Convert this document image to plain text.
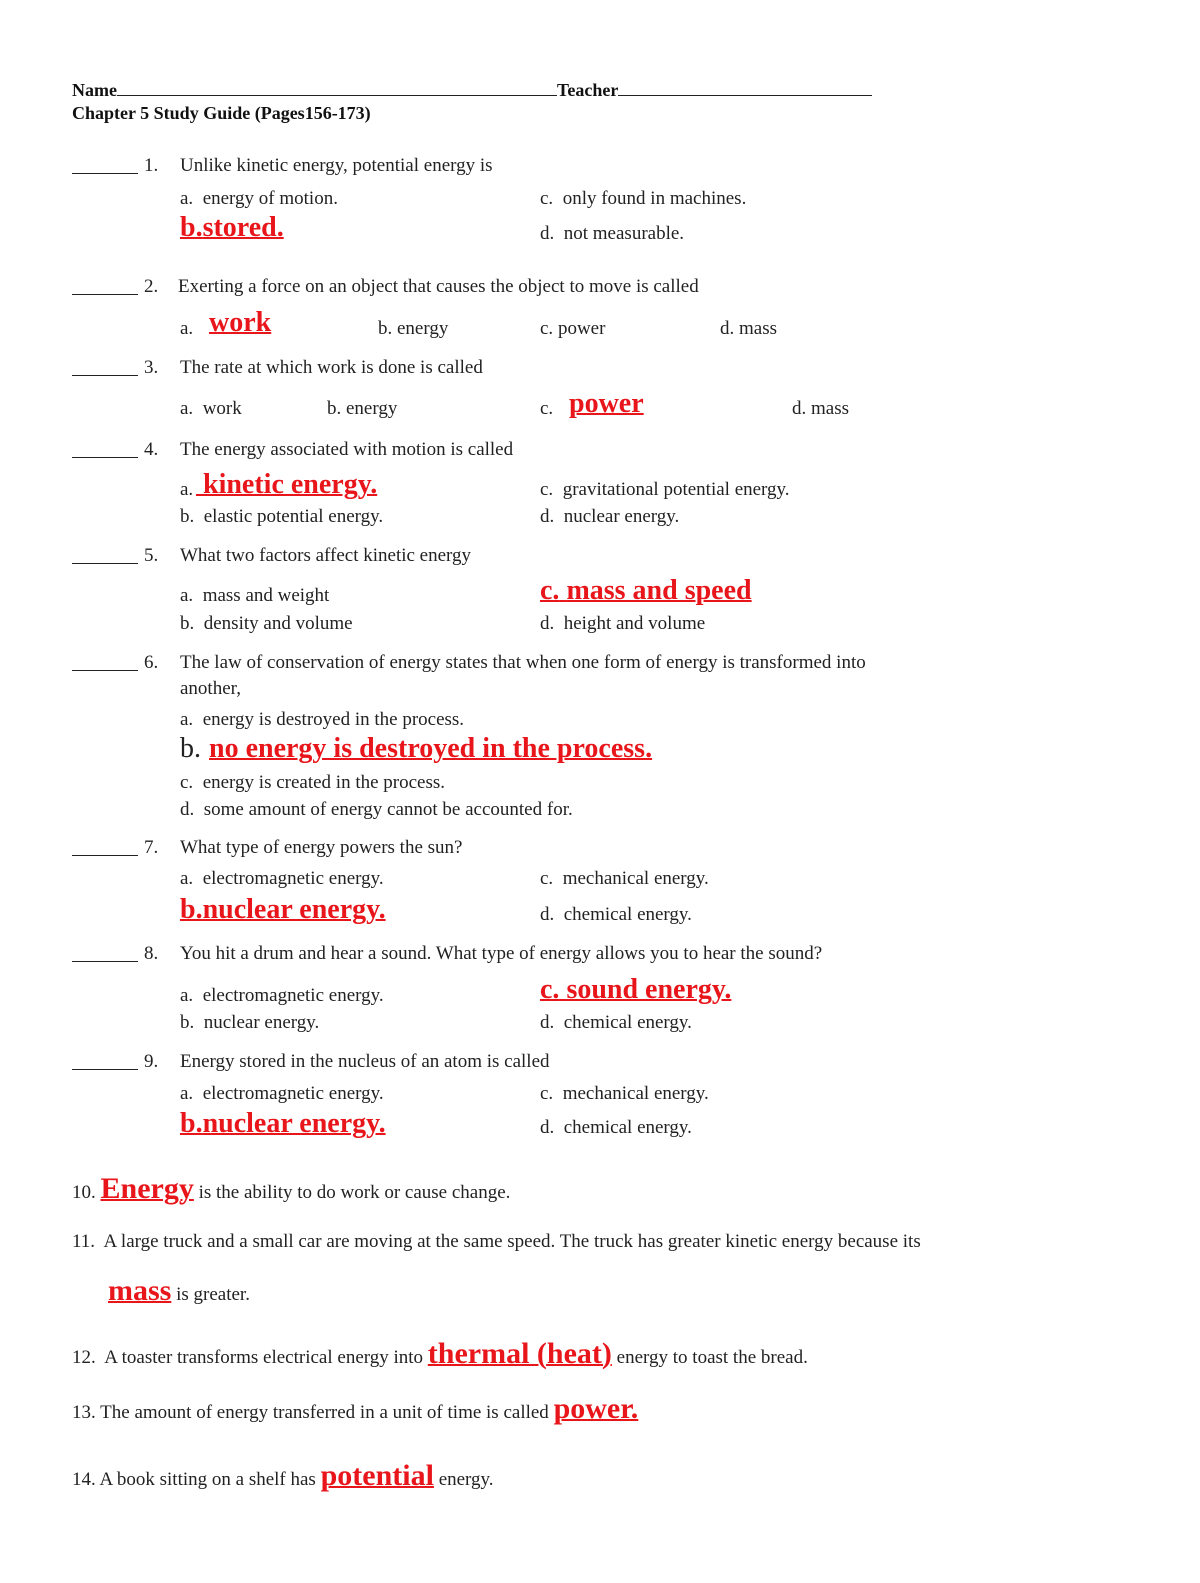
Name	Teacher
Chapter 5 Study Guide (Pages156-173)
1. Unlike kinetic energy, potential energy is
a. energy of motion.
b.stored.
c. only found in machines.
d. not measurable.
2. Exerting a force on an object that causes the object to move is called
a. work	b. energy	c. power	d. mass
3. The rate at which work is done is called
a. work	b. energy	c. power	d. mass
4. The energy associated with motion is called
a. kinetic energy.
b. elastic potential energy.
c. gravitational potential energy.
d. nuclear energy.
5. What two factors affect kinetic energy
a. mass and weight
b. density and volume
c. mass and speed
d. height and volume
6. The law of conservation of energy states that when one form of energy is transformed into
another,
a. energy is destroyed in the process.
b. no energy is destroyed in the process.
c. energy is created in the process.
d. some amount of energy cannot be accounted for.
7. What type of energy powers the sun?
a. electromagnetic energy.
b.nuclear energy.
c. mechanical energy.
d. chemical energy.
8. You hit a drum and hear a sound. What type of energy allows you to hear the sound?
a. electromagnetic energy.
b. nuclear energy.
c. sound energy.
d. chemical energy.
9. Energy stored in the nucleus of an atom is called
a. electromagnetic energy.
b.nuclear energy.
c. mechanical energy.
d. chemical energy.
10. Energy is the ability to do work or cause change.
11. A large truck and a small car are moving at the same speed. The truck has greater kinetic energy because its
mass is greater.
12. A toaster transforms electrical energy into thermal (heat) energy to toast the bread.
13. The amount of energy transferred in a unit of time is called power.
14. A book sitting on a shelf has potential energy.
